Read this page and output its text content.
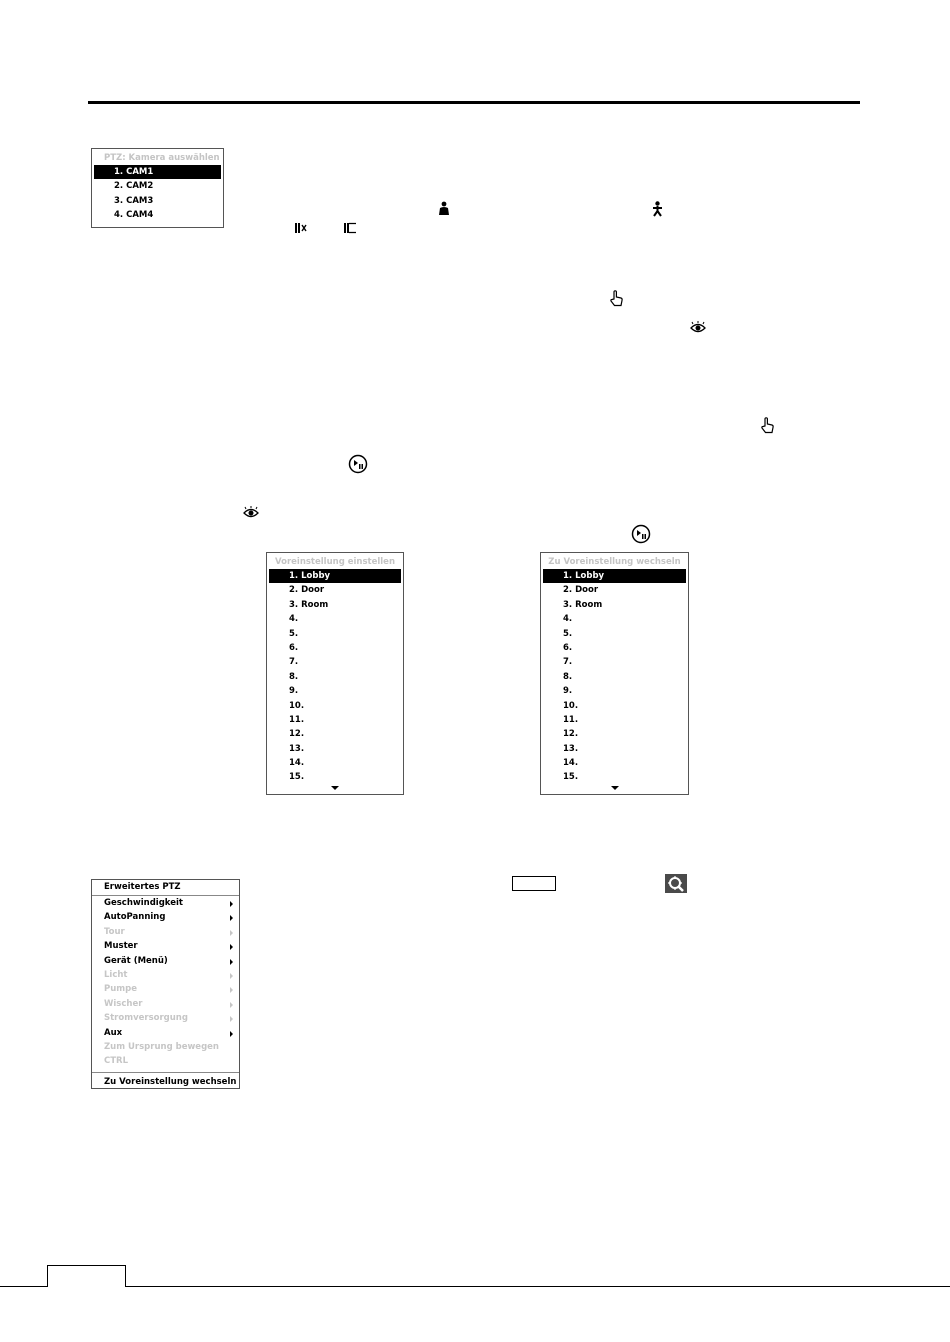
PTZ: Kamera auswählen
1. CAM1
2. CAM2
3. CAM3
4. CAM4
Voreinstellung einstellen
1. Lobby
2. Door
3. Room
4.
5.
6.
7.
8.
9.
10.
11.
12.
13.
14.
15.
Zu Voreinstellung wechseln
1. Lobby
2. Door
3. Room
4.
5.
6.
7.
8.
9.
10.
11.
12.
13.
14.
15.
Erweitertes PTZ
Geschwindigkeit
AutoPanning
Tour
Muster
Gerät (Menü)
Licht
Pumpe
Wischer
Stromversorgung
Aux
Zum Ursprung bewegen
CTRL
Zu Voreinstellung wechseln
